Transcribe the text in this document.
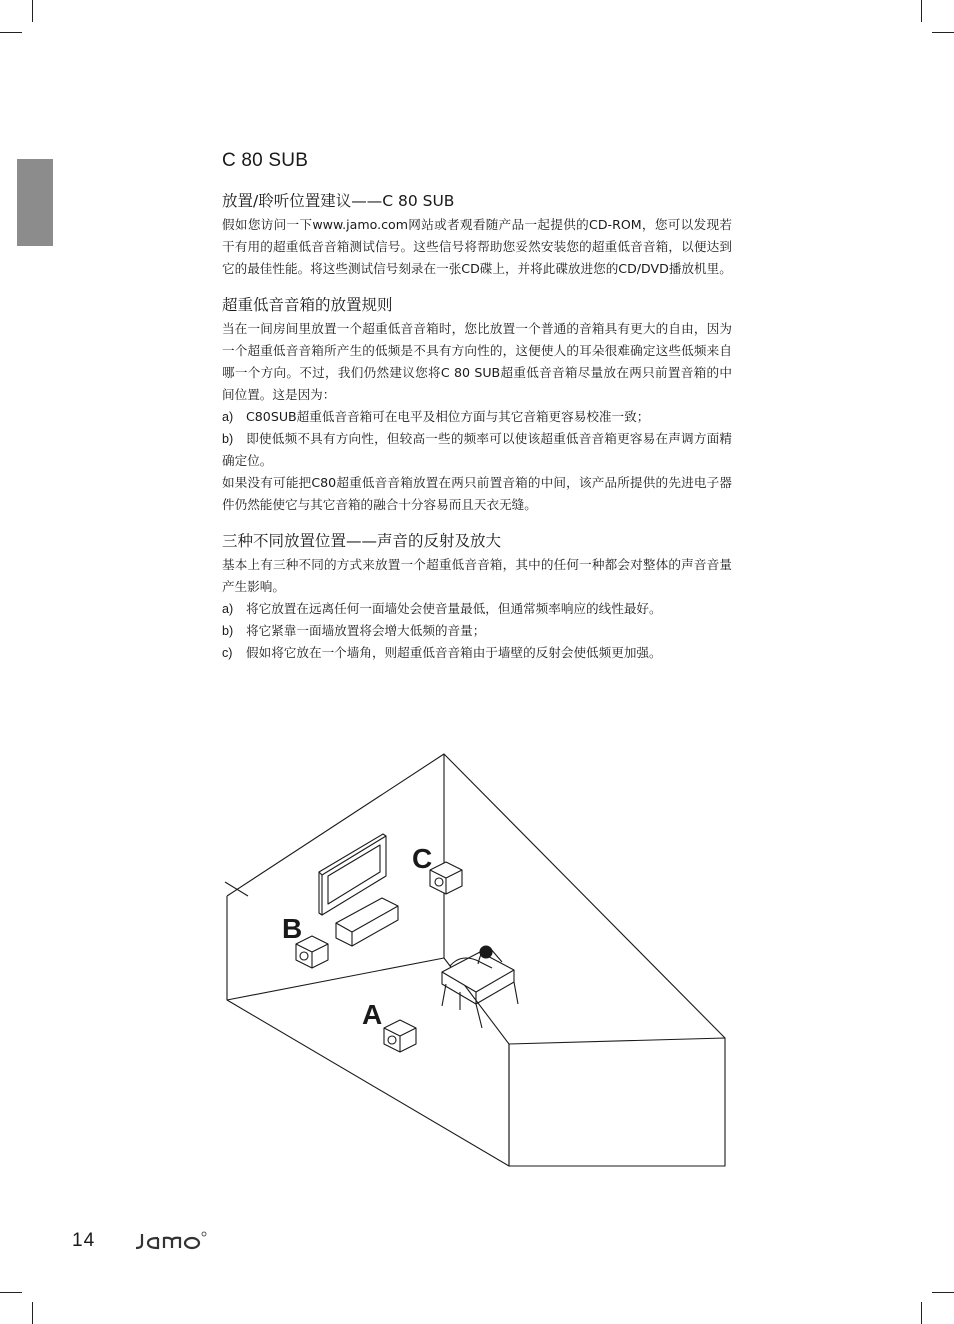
C 80 SUB
放置/聆听位置建议——C 80 SUB

假如您访问一下www.jamo.com网站或者观看随产品一起提供的CD-ROM，您可以发现若干有用的超重低音音箱测试信号。这些信号将帮助您妥然安装您的超重低音音箱，以便达到它的最佳性能。将这些测试信号刻录在一张CD碟上，并将此碟放进您的CD/DVD播放机里。

超重低音音箱的放置规则

当在一间房间里放置一个超重低音音箱时，您比放置一个普通的音箱具有更大的自由，因为一个超重低音音箱所产生的低频是不具有方向性的，这便使人的耳朵很难确定这些低频来自哪一个方向。不过，我们仍然建议您将C 80 SUB超重低音音箱尽量放在两只前置音箱的中间位置。这是因为：

a) C80SUB超重低音音箱可在电平及相位方面与其它音箱更容易校准一致；

b) 即使低频不具有方向性，但较高一些的频率可以使该超重低音音箱更容易在声调方面精确定位。

如果没有可能把C80超重低音音箱放置在两只前置音箱的中间，该产品所提供的先进电子器件仍然能使它与其它音箱的融合十分容易而且天衣无缝。

三种不同放置位置——声音的反射及放大

基本上有三种不同的方式来放置一个超重低音音箱，其中的任何一种都会对整体的声音音量产生影响。

a) 将它放置在远离任何一面墙处会使音量最低，但通常频率响应的线性最好。

b) 将它紧靠一面墙放置将会增大低频的音量；

c) 假如将它放在一个墙角，则超重低音音箱由于墙壁的反射会使低频更加强。

B
C
A
14
